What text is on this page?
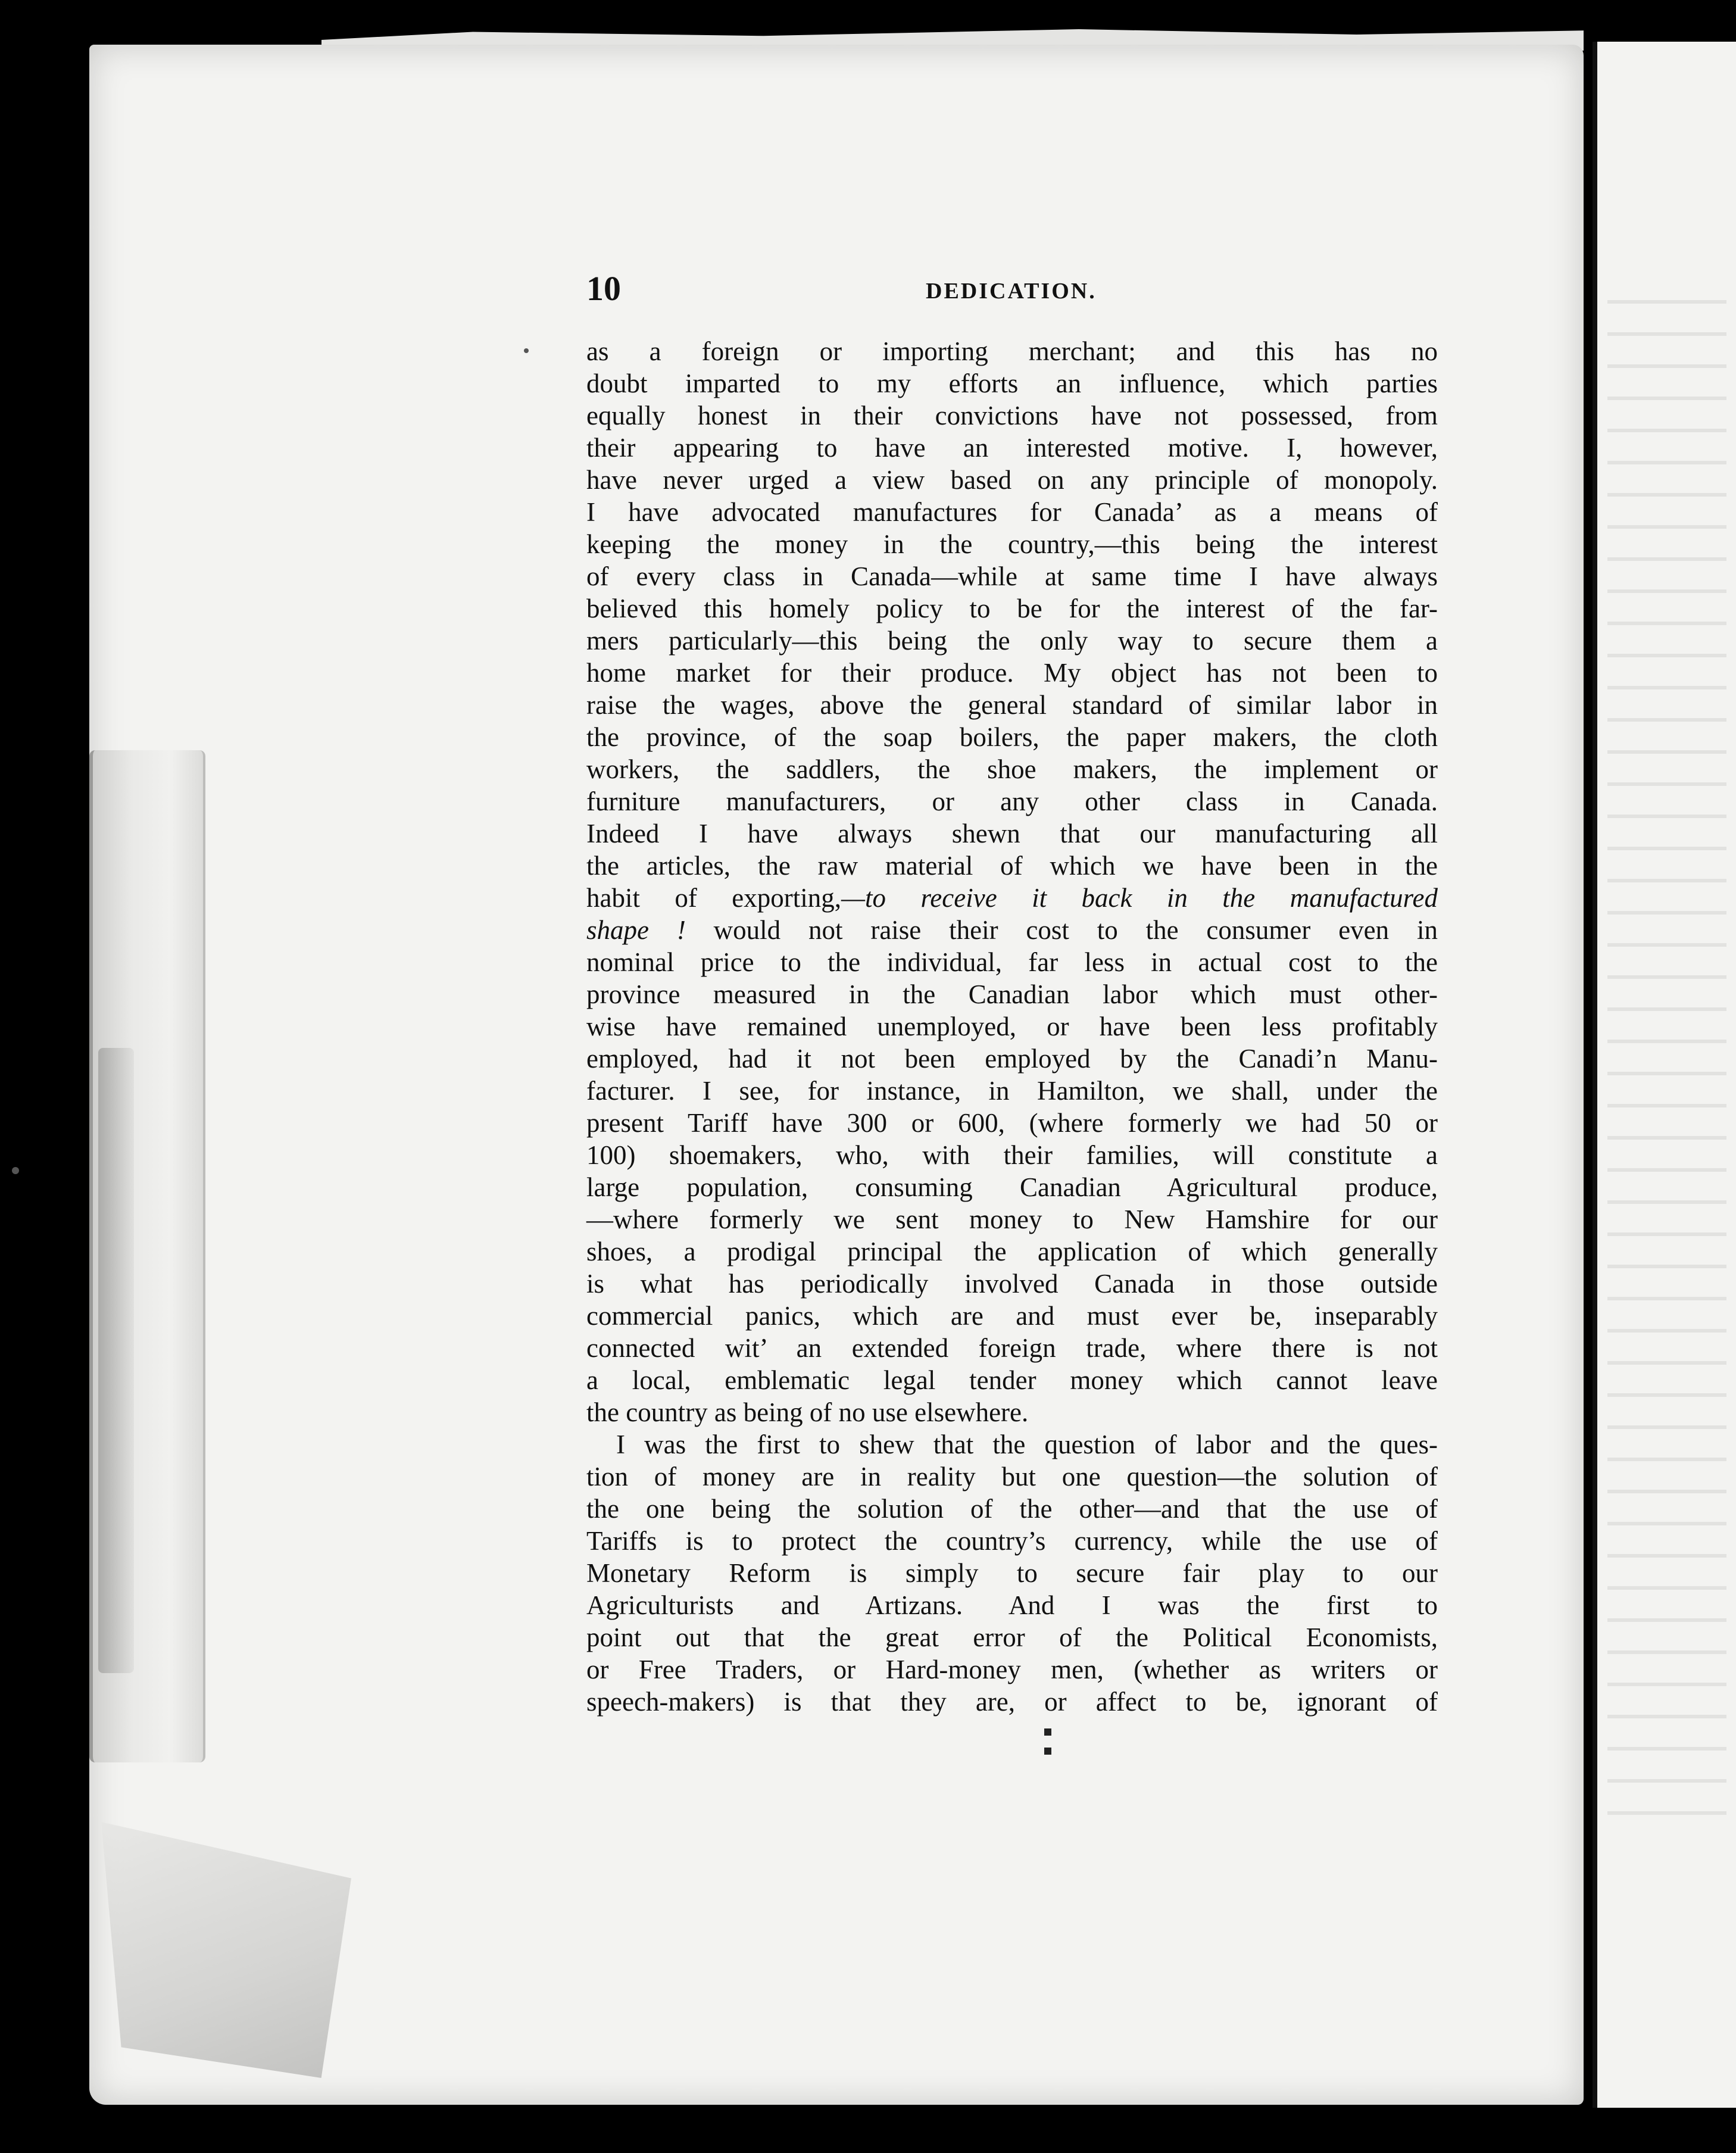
10	DEDICATION.
as a foreign or importing merchant; and this has no
doubt imparted to my efforts an influence, which parties
equally honest in their convictions have not possessed, from
their appearing to have an interested motive. I, however,
have never urged a view based on any principle of monopoly.
I have advocated manufactures for Canada’ as a means of
keeping the money in the country,—this being the interest
of every class in Canada—while at same time I have always
believed this homely policy to be for the interest of the far-
mers particularly—this being the only way to secure them a
home market for their produce. My object has not been to
raise the wages, above the general standard of similar labor in
the province, of the soap boilers, the paper makers, the cloth
workers, the saddlers, the shoe makers, the implement or
furniture manufacturers, or any other class in Canada.
Indeed I have always shewn that our manufacturing all
the articles, the raw material of which we have been in the
habit of exporting,—to receive it back in the manufactured
shape ! would not raise their cost to the consumer even in
nominal price to the individual, far less in actual cost to the
province measured in the Canadian labor which must other-
wise have remained unemployed, or have been less profitably
employed, had it not been employed by the Canadi’n Manu-
facturer. I see, for instance, in Hamilton, we shall, under the
present Tariff have 300 or 600, (where formerly we had 50 or
100) shoemakers, who, with their families, will constitute a
large population, consuming Canadian Agricultural produce,
—where formerly we sent money to New Hamshire for our
shoes, a prodigal principal the application of which generally
is what has periodically involved Canada in those outside
commercial panics, which are and must ever be, inseparably
connected wit’ an extended foreign trade, where there is not
a local, emblematic legal tender money which cannot leave
the country as being of no use elsewhere.
I was the first to shew that the question of labor and the ques-
tion of money are in reality but one question—the solution of
the one being the solution of the other—and that the use of
Tariffs is to protect the country’s currency, while the use of
Monetary Reform is simply to secure fair play to our
Agriculturists and Artizans. And I was the first to
point out that the great error of the Political Economists,
or Free Traders, or Hard-money men, (whether as writers or
speech-makers) is that they are, or affect to be, ignorant of
